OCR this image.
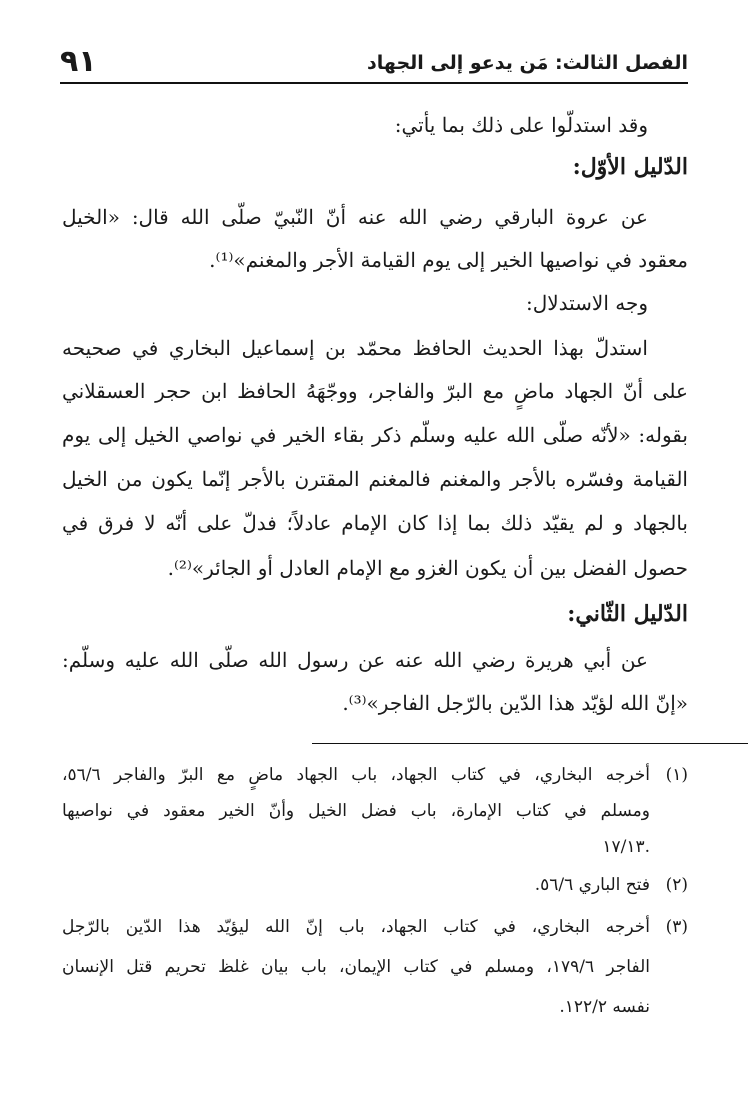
الفصل الثالث: مَن يدعو إلى الجهاد
٩١
وقد استدلّوا على ذلك بما يأتي:
الدّليل الأوّل:
عن عروة البارقي رضي الله عنه أنّ النّبيّ صلّى الله قال: «الخيل
معقود في نواصيها الخير إلى يوم القيامة الأجر والمغنم»⁽¹⁾.
وجه الاستدلال:
استدلّ بهذا الحديث الحافظ محمّد بن إسماعيل البخاري في صحيحه
على أنّ الجهاد ماضٍ مع البرّ والفاجر، ووجّهَهُ الحافظ ابن حجر العسقلاني
بقوله: «لأنّه صلّى الله عليه وسلّم ذكر بقاء الخير في نواصي الخيل إلى يوم
القيامة وفسّره بالأجر والمغنم فالمغنم المقترن بالأجر إنّما يكون من الخيل
بالجهاد و لم يقيّد ذلك بما إذا كان الإمام عادلاً؛ فدلّ على أنّه لا فرق في
حصول الفضل بين أن يكون الغزو مع الإمام العادل أو الجائر»⁽²⁾.
الدّليل الثّاني:
عن أبي هريرة رضي الله عنه عن رسول الله صلّى الله عليه وسلّم:
«إنّ الله لؤيّد هذا الدّين بالرّجل الفاجر»⁽³⁾.
(١)
أخرجه البخاري، في كتاب الجهاد، باب الجهاد ماضٍ مع البرّ والفاجر ٥٦/٦،
ومسلم في كتاب الإمارة، باب فضل الخيل وأنّ الخير معقود في نواصيها
.١٧/١٣
(٢)
فتح الباري ٥٦/٦.
(٣)
أخرجه البخاري، في كتاب الجهاد، باب إنّ الله ليؤيّد هذا الدّين بالرّجل
الفاجر ١٧٩/٦، ومسلم في كتاب الإيمان، باب بيان غلظ تحريم قتل الإنسان
نفسه ١٢٢/٢.
